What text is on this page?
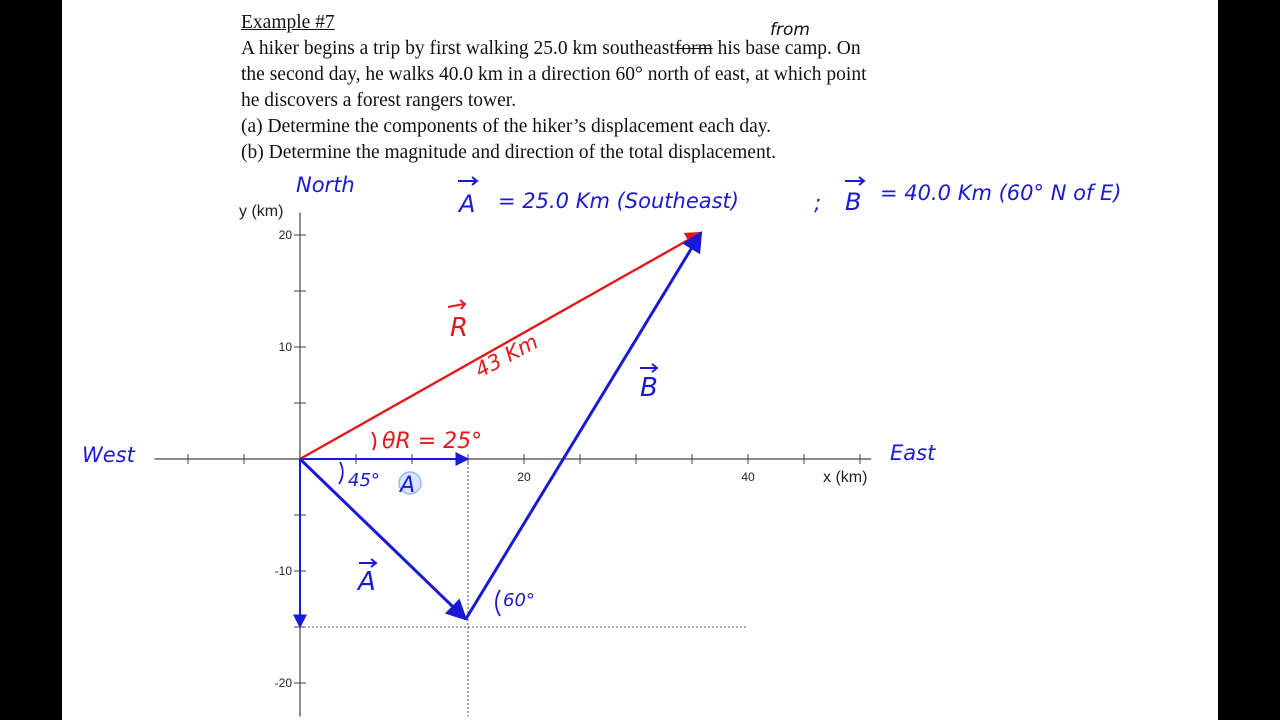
Example #7

A hiker begins a trip by first walking 25.0 km southeastform his base camp. On

the second day, he walks 40.0 km in a direction 60° north of east, at which point

he discovers a forest rangers tower.

(a) Determine the components of the hiker’s displacement each day.

(b) Determine the magnitude and direction of the total displacement.

from
20	40
20
10
-10
-20
x (km)
y (km)
North
East
West
A = 25.0 Km (Southeast)	; B = 40.0 Km (60° N of E)
R
43 Km
B
A
45°
θR = 25°
60°
A
